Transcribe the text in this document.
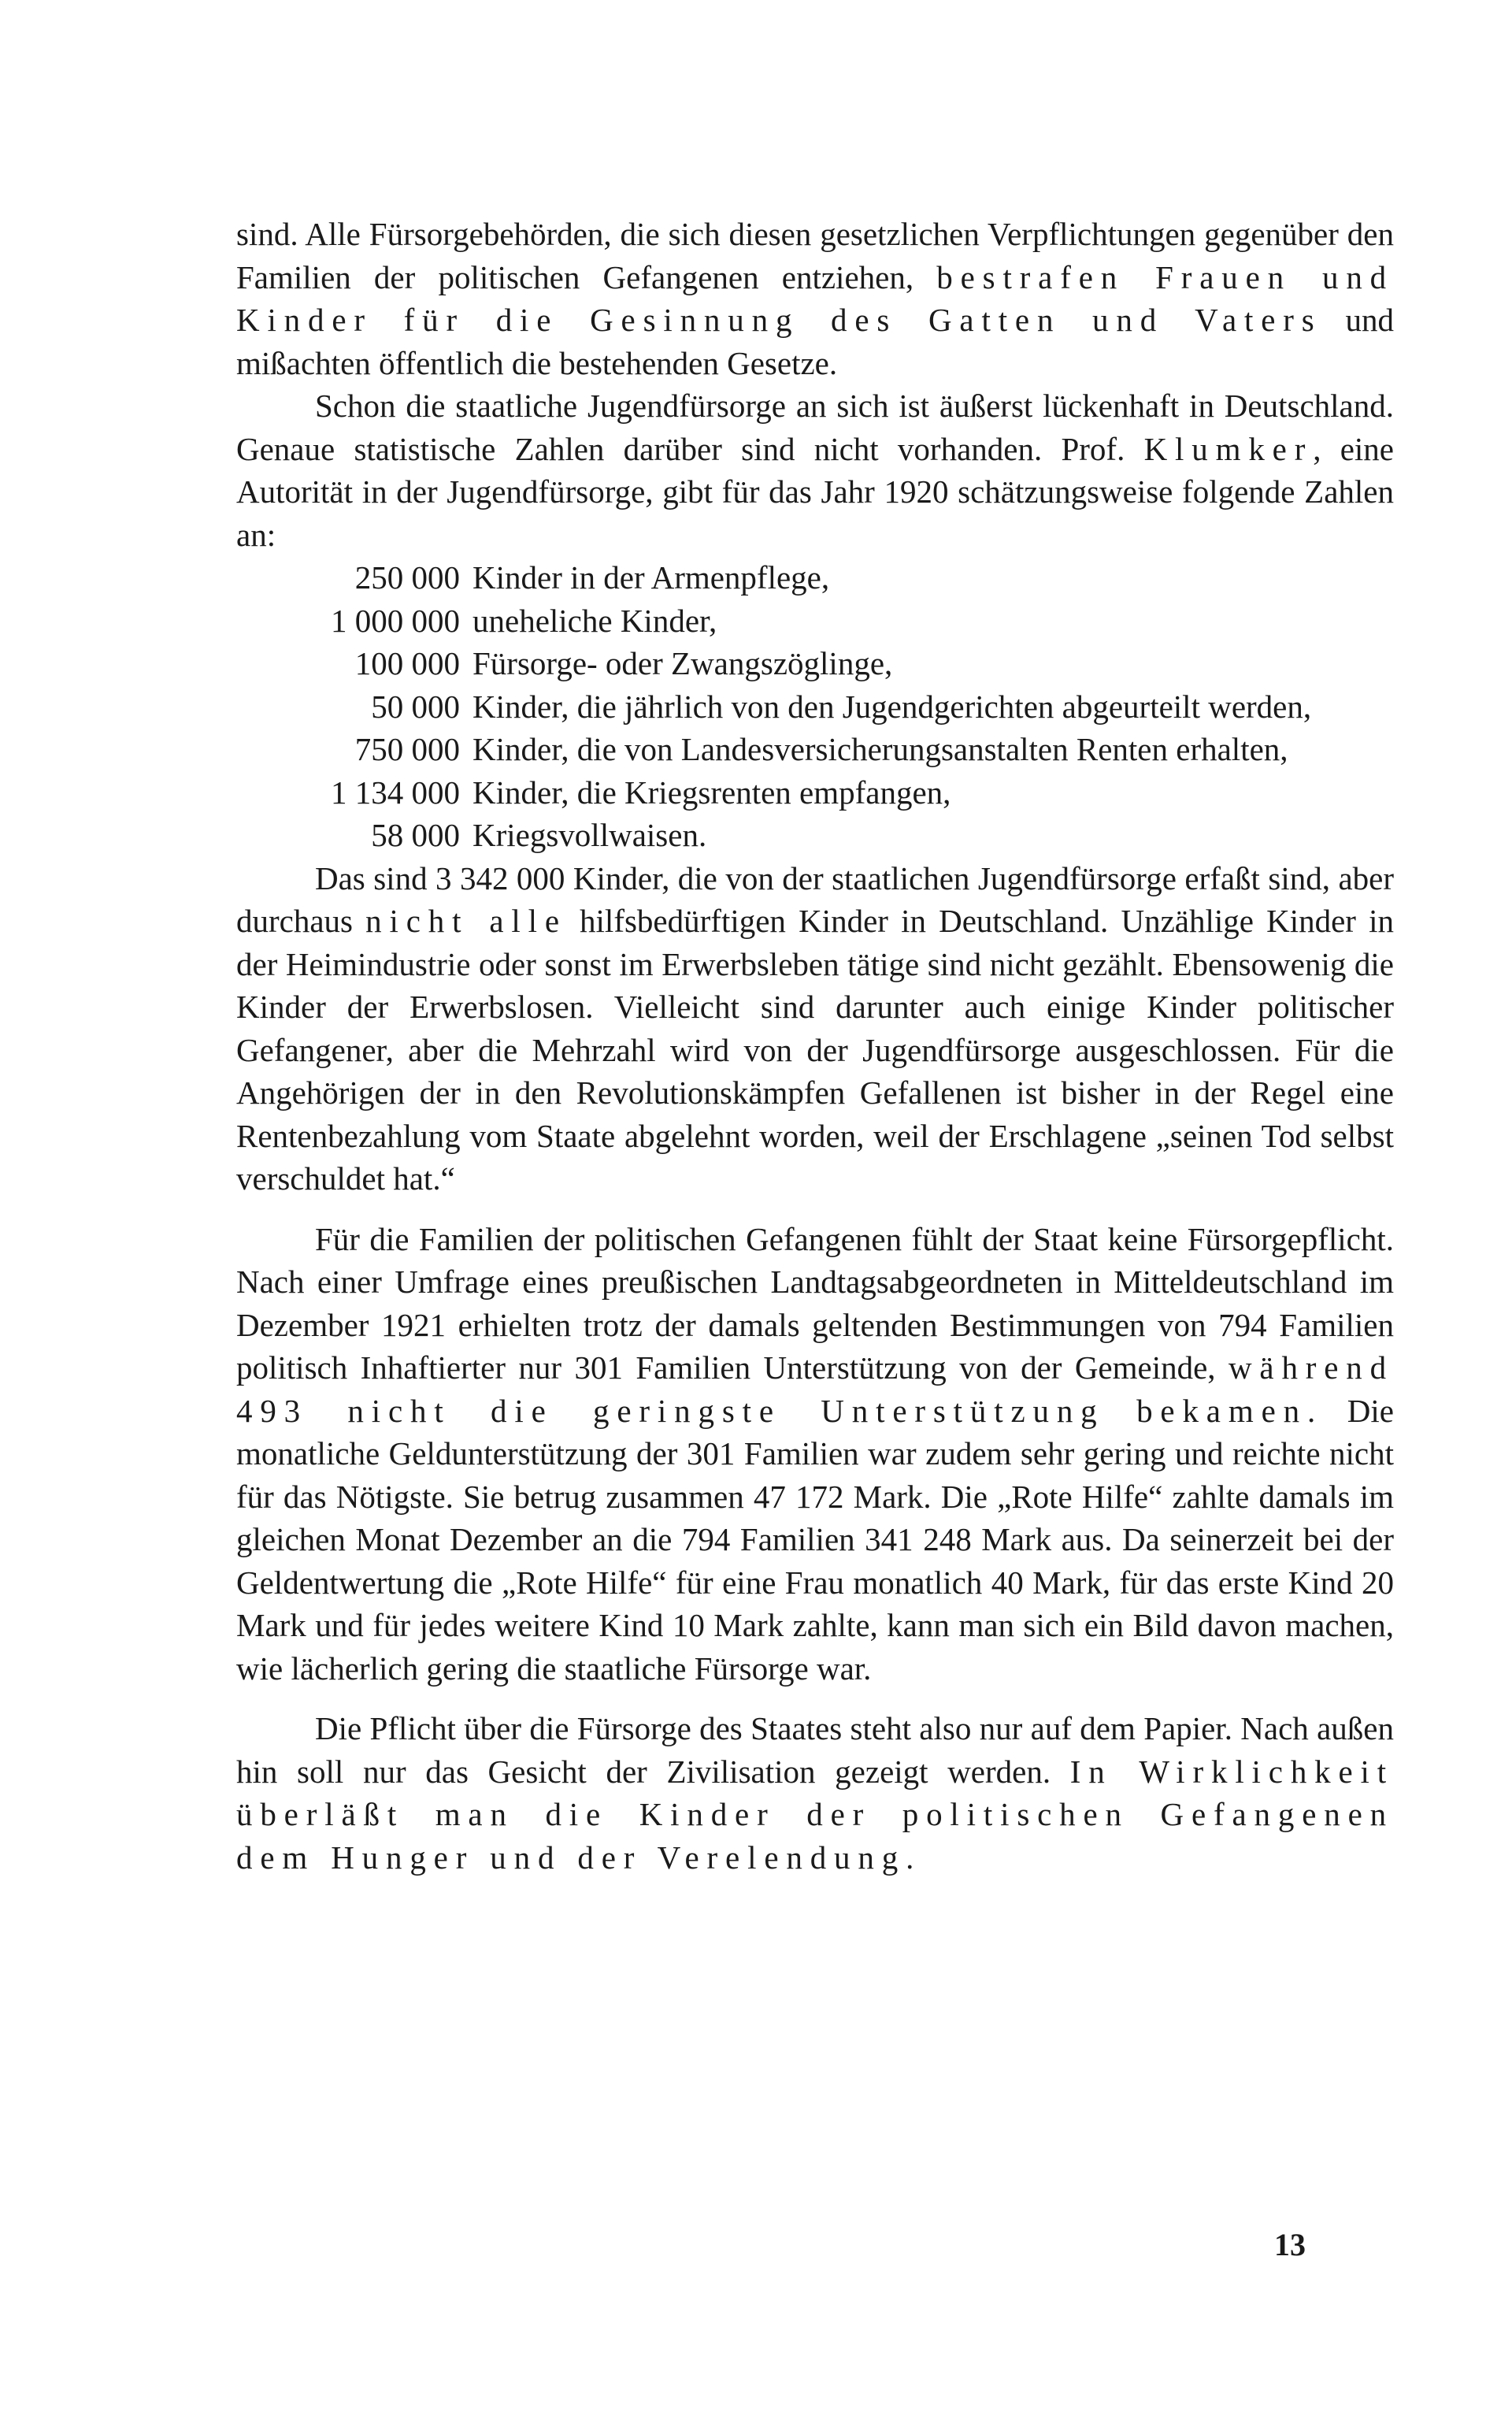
sind. Alle Fürsorgebehörden, die sich diesen gesetzlichen Verpflichtungen gegenüber den Familien der politischen Gefangenen entziehen, bestrafen Frauen und Kinder für die Gesinnung des Gatten und Vaters und mißachten öffentlich die bestehenden Gesetze.

Schon die staatliche Jugendfürsorge an sich ist äußerst lückenhaft in Deutschland. Genaue statistische Zahlen darüber sind nicht vorhanden. Prof. Klumker, eine Autorität in der Jugendfürsorge, gibt für das Jahr 1920 schätzungsweise folgende Zahlen an:

250 000 Kinder in der Armenpflege,
1 000 000 uneheliche Kinder,
100 000 Fürsorge- oder Zwangszöglinge,
50 000 Kinder, die jährlich von den Jugendgerichten abgeurteilt werden,
750 000 Kinder, die von Landesversicherungsanstalten Renten erhalten,
1 134 000 Kinder, die Kriegsrenten empfangen,
58 000 Kriegsvollwaisen.

Das sind 3 342 000 Kinder, die von der staatlichen Jugendfürsorge erfaßt sind, aber durchaus nicht alle hilfsbedürftigen Kinder in Deutschland. Unzählige Kinder in der Heimindustrie oder sonst im Erwerbsleben tätige sind nicht gezählt. Ebensowenig die Kinder der Erwerbslosen. Vielleicht sind darunter auch einige Kinder politischer Gefangener, aber die Mehrzahl wird von der Jugendfürsorge ausgeschlossen. Für die Angehörigen der in den Revolutionskämpfen Gefallenen ist bisher in der Regel eine Rentenbezahlung vom Staate abgelehnt worden, weil der Erschlagene „seinen Tod selbst verschuldet hat.“

Für die Familien der politischen Gefangenen fühlt der Staat keine Fürsorgepflicht. Nach einer Umfrage eines preußischen Landtagsabgeordneten in Mitteldeutschland im Dezember 1921 erhielten trotz der damals geltenden Bestimmungen von 794 Familien politisch Inhaftierter nur 301 Familien Unterstützung von der Gemeinde, während 493 nicht die geringste Unterstützung bekamen. Die monatliche Geldunterstützung der 301 Familien war zudem sehr gering und reichte nicht für das Nötigste. Sie betrug zusammen 47 172 Mark. Die „Rote Hilfe“ zahlte damals im gleichen Monat Dezember an die 794 Familien 341 248 Mark aus. Da seinerzeit bei der Geldentwertung die „Rote Hilfe“ für eine Frau monatlich 40 Mark, für das erste Kind 20 Mark und für jedes weitere Kind 10 Mark zahlte, kann man sich ein Bild davon machen, wie lächerlich gering die staatliche Fürsorge war.

Die Pflicht über die Fürsorge des Staates steht also nur auf dem Papier. Nach außen hin soll nur das Gesicht der Zivilisation gezeigt werden. In Wirklichkeit überläßt man die Kinder der politischen Gefangenen dem Hunger und der Verelendung.

13
